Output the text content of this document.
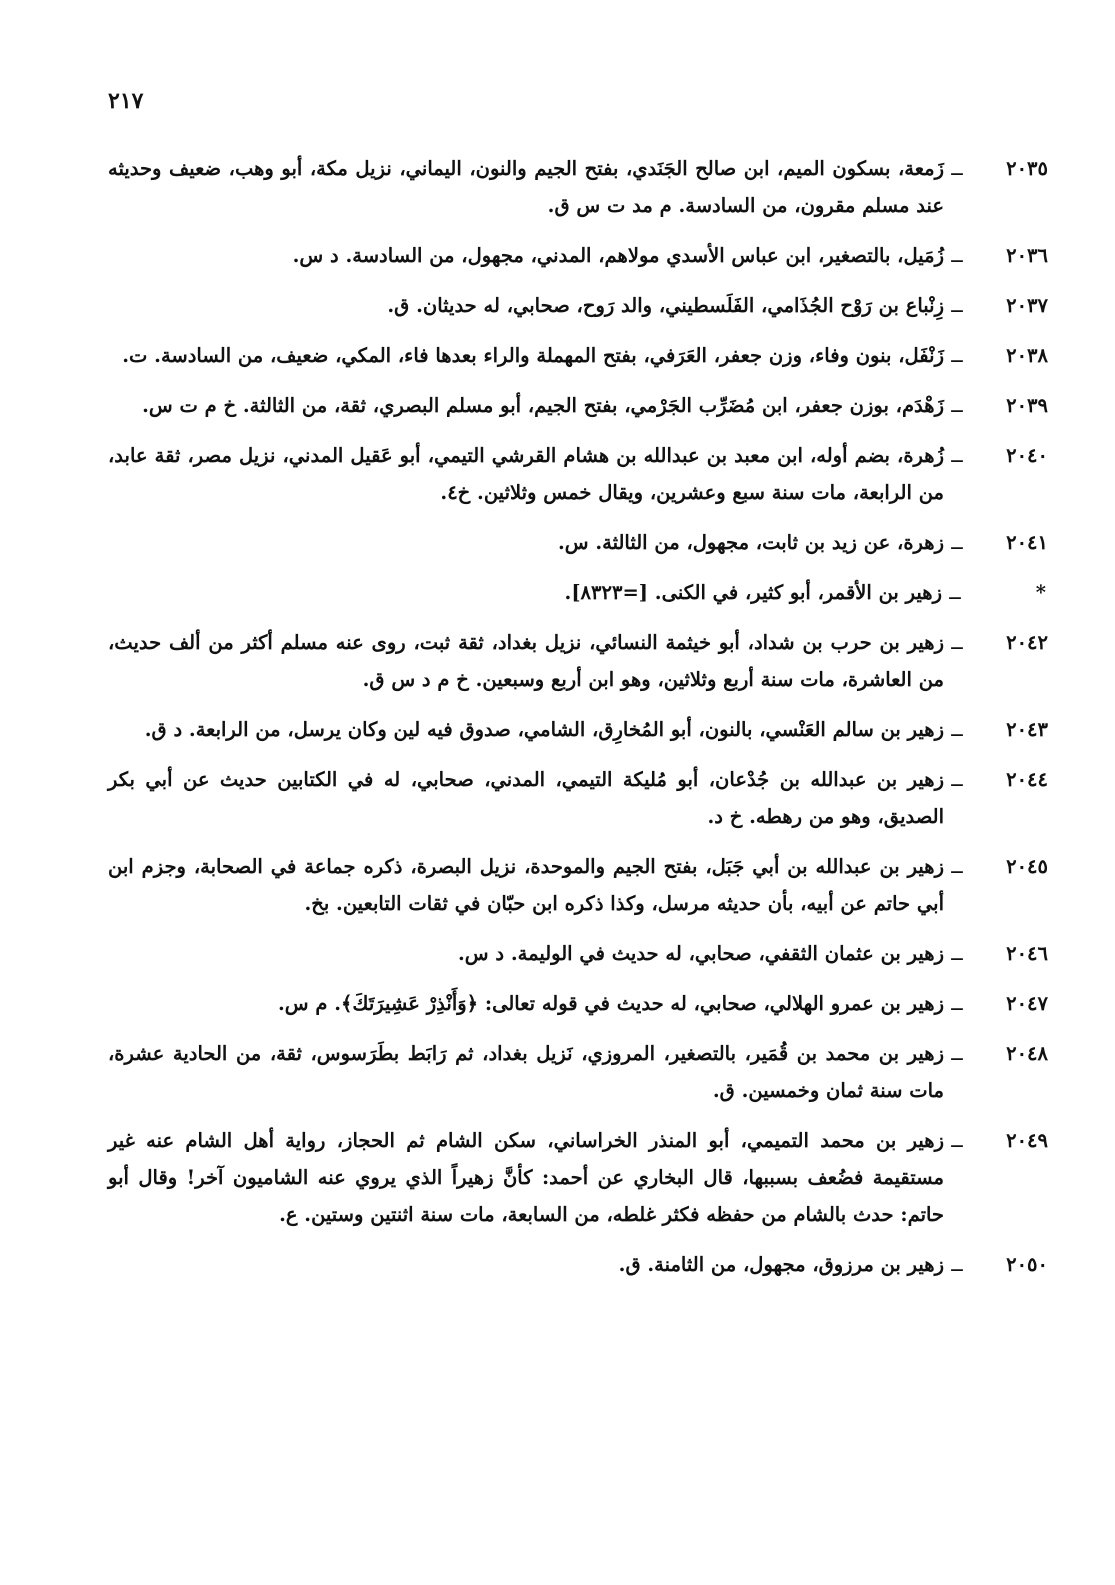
٢١٧
٢٠٣٥
ــ
زَمعة، بسكون الميم، ابن صالح الجَنَدي، بفتح الجيم والنون، اليماني، نزيل مكة، أبو وهب، ضعيف وحديثه عند مسلم مقرون، من السادسة. م مد ت س ق.
٢٠٣٦
ــ
زُمَيل، بالتصغير، ابن عباس الأسدي مولاهم، المدني، مجهول، من السادسة. د س.
٢٠٣٧
ــ
زِنْباع بن رَوْح الجُذَامي، الفَلَسطيني، والد رَوح، صحابي، له حديثان. ق.
٢٠٣٨
ــ
زَنْفَل، بنون وفاء، وزن جعفر، العَرَفي، بفتح المهملة والراء بعدها فاء، المكي، ضعيف، من السادسة. ت.
٢٠٣٩
ــ
زَهْدَم، بوزن جعفر، ابن مُضَرِّب الجَرْمي، بفتح الجيم، أبو مسلم البصري، ثقة، من الثالثة. خ م ت س.
٢٠٤٠
ــ
زُهرة، بضم أوله، ابن معبد بن عبدالله بن هشام القرشي التيمي، أبو عَقيل المدني، نزيل مصر، ثقة عابد، من الرابعة، مات سنة سبع وعشرين، ويقال خمس وثلاثين. خ٤.
٢٠٤١
ــ
زهرة، عن زيد بن ثابت، مجهول، من الثالثة. س.
*
ــ
زهير بن الأقمر، أبو كثير، في الكنى. [=٨٣٢٣].
٢٠٤٢
ــ
زهير بن حرب بن شداد، أبو خيثمة النسائي، نزيل بغداد، ثقة ثبت، روى عنه مسلم أكثر من ألف حديث، من العاشرة، مات سنة أربع وثلاثين، وهو ابن أربع وسبعين. خ م د س ق.
٢٠٤٣
ــ
زهير بن سالم العَنْسي، بالنون، أبو المُخارِق، الشامي، صدوق فيه لين وكان يرسل، من الرابعة. د ق.
٢٠٤٤
ــ
زهير بن عبدالله بن جُدْعان، أبو مُليكة التيمي، المدني، صحابي، له في الكتابين حديث عن أبي بكر الصديق، وهو من رهطه. خ د.
٢٠٤٥
ــ
زهير بن عبدالله بن أبي جَبَل، بفتح الجيم والموحدة، نزيل البصرة، ذكره جماعة في الصحابة، وجزم ابن أبي حاتم عن أبيه، بأن حديثه مرسل، وكذا ذكره ابن حبّان في ثقات التابعين. بخ.
٢٠٤٦
ــ
زهير بن عثمان الثقفي، صحابي، له حديث في الوليمة. د س.
٢٠٤٧
ــ
زهير بن عمرو الهلالي، صحابي، له حديث في قوله تعالى: ﴿وَأَنْذِرْ عَشِيرَتَكَ﴾. م س.
٢٠٤٨
ــ
زهير بن محمد بن قُمَير، بالتصغير، المروزي، نَزيل بغداد، ثم رَابَط بطَرَسوس، ثقة، من الحادية عشرة، مات سنة ثمان وخمسين. ق.
٢٠٤٩
ــ
زهير بن محمد التميمي، أبو المنذر الخراساني، سكن الشام ثم الحجاز، رواية أهل الشام عنه غير مستقيمة فضُعف بسببها، قال البخاري عن أحمد: كأنَّ زهيراً الذي يروي عنه الشاميون آخر! وقال أبو حاتم: حدث بالشام من حفظه فكثر غلطه، من السابعة، مات سنة اثنتين وستين. ع.
٢٠٥٠
ــ
زهير بن مرزوق، مجهول، من الثامنة. ق.
